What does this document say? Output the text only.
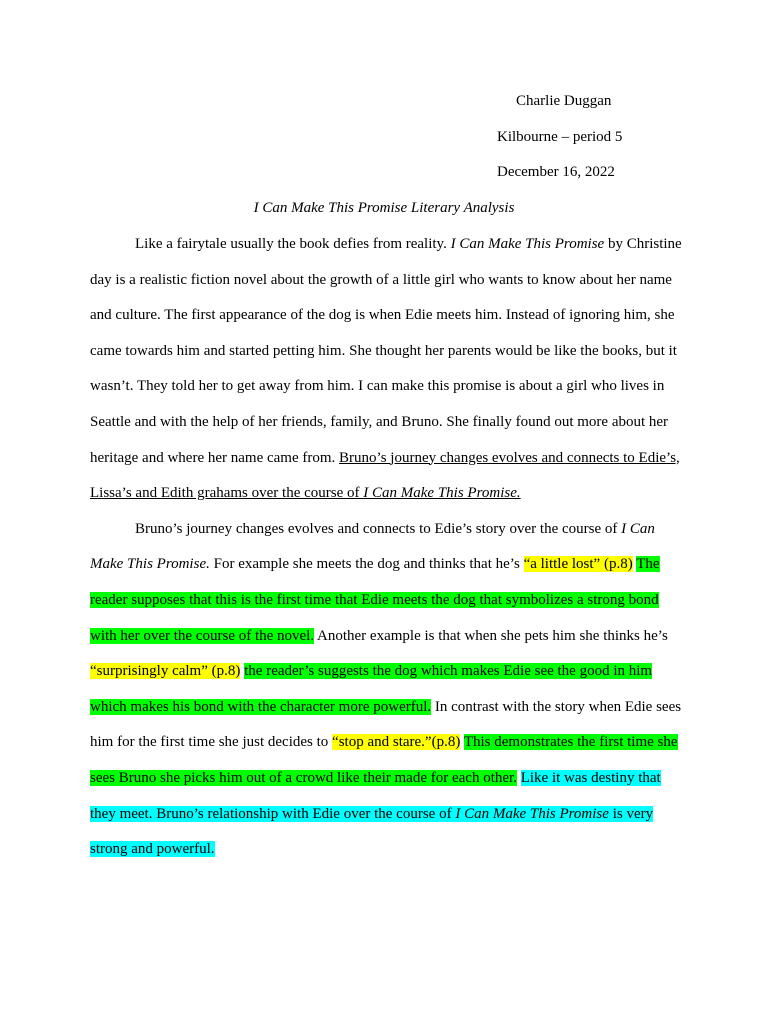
Charlie Duggan
Kilbourne – period 5
December 16, 2022
I Can Make This Promise Literary Analysis

Like a fairytale usually the book defies from reality. I Can Make This Promise by Christine day is a realistic fiction novel about the growth of a little girl who wants to know about her name and culture. The first appearance of the dog is when Edie meets him. Instead of ignoring him, she came towards him and started petting him. She thought her parents would be like the books, but it wasn’t. They told her to get away from him. I can make this promise is about a girl who lives in Seattle and with the help of her friends, family, and Bruno. She finally found out more about her heritage and where her name came from. Bruno’s journey changes evolves and connects to Edie’s, Lissa’s and Edith grahams over the course of I Can Make This Promise.

Bruno’s journey changes evolves and connects to Edie’s story over the course of I Can Make This Promise. For example she meets the dog and thinks that he’s “a little lost” (p.8) The reader supposes that this is the first time that Edie meets the dog that symbolizes a strong bond with her over the course of the novel. Another example is that when she pets him she thinks he’s “surprisingly calm” (p.8) the reader’s suggests the dog which makes Edie see the good in him which makes his bond with the character more powerful. In contrast with the story when Edie sees him for the first time she just decides to “stop and stare.”(p.8) This demonstrates the first time she sees Bruno she picks him out of a crowd like their made for each other. Like it was destiny that they meet. Bruno’s relationship with Edie over the course of I Can Make This Promise is very strong and powerful.
